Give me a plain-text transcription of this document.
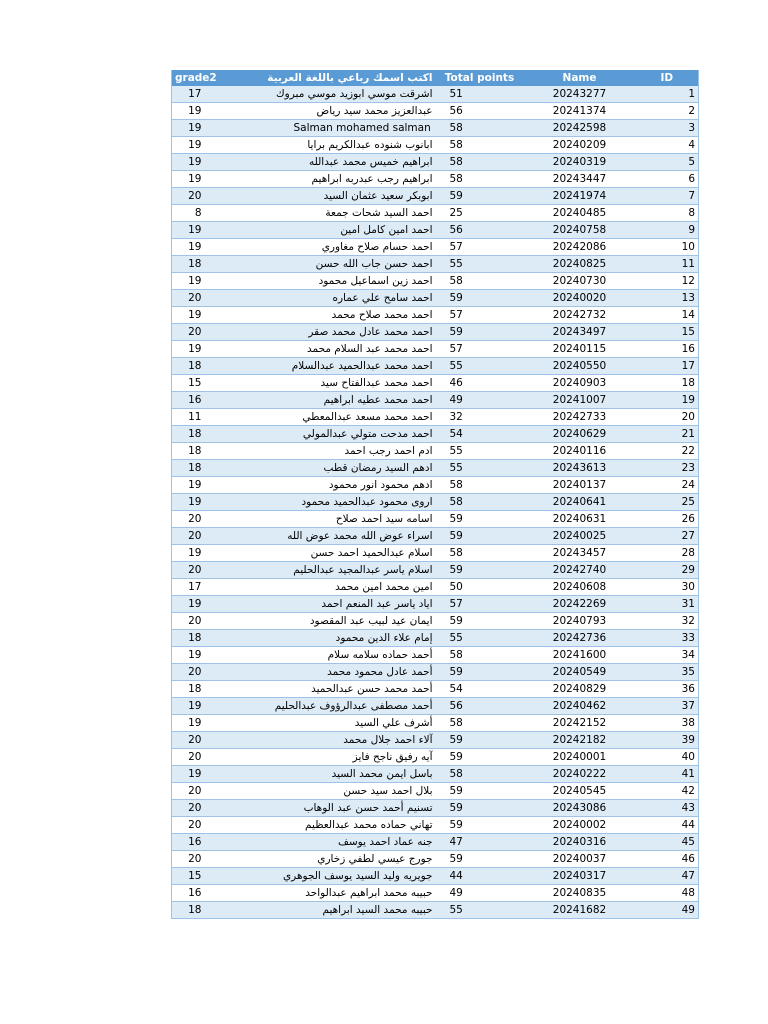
grade2	اكتب اسمك رباعي باللغة العربية	Total points	Name	ID
17	اشرقت موسي ابوزيد موسي مبروك	51	20243277	1
19	عبدالعزيز محمد سيد رياض	56	20241374	2
19	Salman mohamed salman	58	20242598	3
19	ابانوب شنوده عبدالكريم برايا	58	20240209	4
19	ابراهيم خميس محمد عبدالله	58	20240319	5
19	ابراهيم رجب عبدربه ابراهيم	58	20243447	6
20	ابوبكر سعيد عثمان السيد	59	20241974	7
8	احمد السيد شحات جمعة	25	20240485	8
19	احمد امين كامل امين	56	20240758	9
19	احمد حسام صلاح مغاوري	57	20242086	10
18	احمد حسن جاب الله حسن	55	20240825	11
19	احمد زين اسماعيل محمود	58	20240730	12
20	احمد سامح علي عماره	59	20240020	13
19	احمد محمد صلاح محمد	57	20242732	14
20	احمد محمد عادل محمد صقر	59	20243497	15
19	احمد محمد عبد السلام محمد	57	20240115	16
18	احمد محمد عبدالحميد عبدالسلام	55	20240550	17
15	احمد محمد عبدالفتاح سيد	46	20240903	18
16	احمد محمد عطيه ابراهيم	49	20241007	19
11	احمد محمد مسعد عبدالمعطي	32	20242733	20
18	احمد مدحت متولي عبدالمولي	54	20240629	21
18	ادم احمد رجب احمد	55	20240116	22
18	ادهم السيد رمضان قطب	55	20243613	23
19	ادهم محمود انور محمود	58	20240137	24
19	اروى محمود عبدالحميد محمود	58	20240641	25
20	اسامه سيد احمد صلاح	59	20240631	26
20	اسراء عوض الله محمد عوض الله	59	20240025	27
19	اسلام عبدالحميد احمد حسن	58	20243457	28
20	اسلام ياسر عبدالمجيد عبدالحليم	59	20242740	29
17	امين محمد امين محمد	50	20240608	30
19	اياد ياسر عبد المنعم احمد	57	20242269	31
20	ايمان عيد لبيب عبد المقصود	59	20240793	32
18	إمام علاء الدين محمود	55	20242736	33
19	أحمد حماده سلامه سلام	58	20241600	34
20	أحمد عادل محمود محمد	59	20240549	35
18	أحمد محمد حسن عبدالحميد	54	20240829	36
19	أحمد مصطفى عبدالرؤوف عبدالحليم	56	20240462	37
19	أشرف علي السيد	58	20242152	38
20	آلاء احمد جلال محمد	59	20242182	39
20	آيه رفيق ناجح فايز	59	20240001	40
19	باسل ايمن محمد السيد	58	20240222	41
20	بلال احمد سيد حسن	59	20240545	42
20	تسنيم أحمد حسن عبد الوهاب	59	20243086	43
20	تهاني حماده محمد عبدالعظيم	59	20240002	44
16	جنه عماد احمد يوسف	47	20240316	45
20	جورج عيسي لطفي زخاري	59	20240037	46
15	جويريه وليد السيد يوسف الجوهري	44	20240317	47
16	حبيبه محمد ابراهيم عبدالواحد	49	20240835	48
18	حبيبه محمد السيد ابراهيم	55	20241682	49
